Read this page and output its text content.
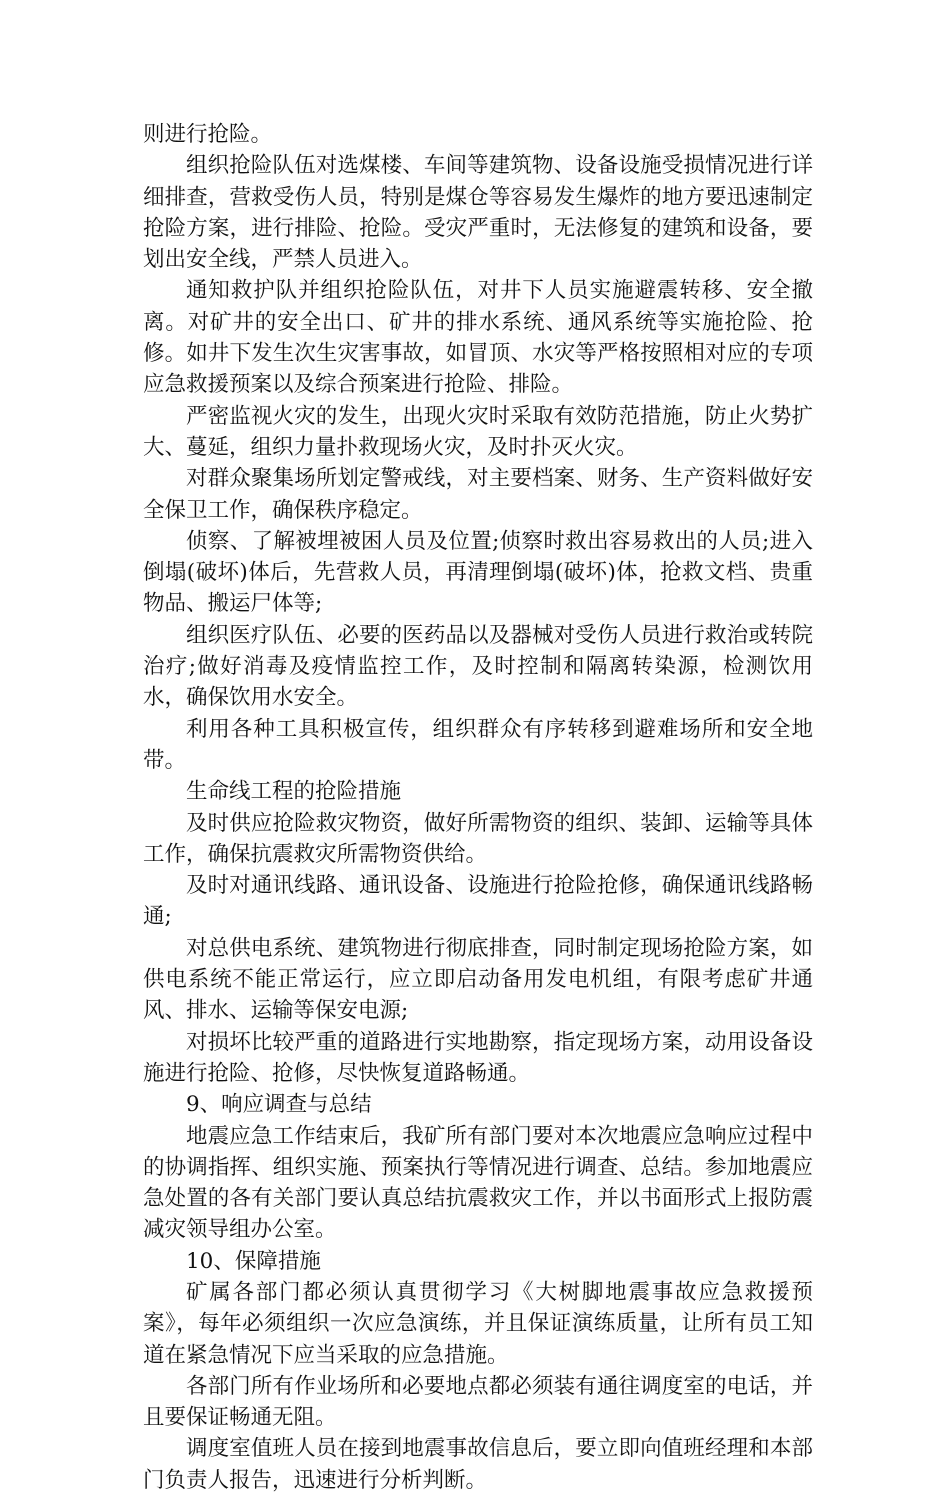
则进行抢险。

组织抢险队伍对选煤楼、车间等建筑物、设备设施受损情况进行详细排查，营救受伤人员，特别是煤仓等容易发生爆炸的地方要迅速制定抢险方案，进行排险、抢险。受灾严重时，无法修复的建筑和设备，要划出安全线，严禁人员进入。

通知救护队并组织抢险队伍，对井下人员实施避震转移、安全撤离。对矿井的安全出口、矿井的排水系统、通风系统等实施抢险、抢修。如井下发生次生灾害事故，如冒顶、水灾等严格按照相对应的专项应急救援预案以及综合预案进行抢险、排险。

严密监视火灾的发生，出现火灾时采取有效防范措施，防止火势扩大、蔓延，组织力量扑救现场火灾，及时扑灭火灾。

对群众聚集场所划定警戒线，对主要档案、财务、生产资料做好安全保卫工作，确保秩序稳定。

侦察、了解被埋被困人员及位置;侦察时救出容易救出的人员;进入倒塌(破坏)体后，先营救人员，再清理倒塌(破坏)体，抢救文档、贵重物品、搬运尸体等;

组织医疗队伍、必要的医药品以及器械对受伤人员进行救治或转院治疗;做好消毒及疫情监控工作，及时控制和隔离转染源，检测饮用水，确保饮用水安全。

利用各种工具积极宣传，组织群众有序转移到避难场所和安全地带。

生命线工程的抢险措施

及时供应抢险救灾物资，做好所需物资的组织、装卸、运输等具体工作，确保抗震救灾所需物资供给。

及时对通讯线路、通讯设备、设施进行抢险抢修，确保通讯线路畅通;

对总供电系统、建筑物进行彻底排查，同时制定现场抢险方案，如供电系统不能正常运行，应立即启动备用发电机组，有限考虑矿井通风、排水、运输等保安电源;

对损坏比较严重的道路进行实地勘察，指定现场方案，动用设备设施进行抢险、抢修，尽快恢复道路畅通。

9、响应调查与总结

地震应急工作结束后，我矿所有部门要对本次地震应急响应过程中的协调指挥、组织实施、预案执行等情况进行调查、总结。参加地震应急处置的各有关部门要认真总结抗震救灾工作，并以书面形式上报防震减灾领导组办公室。

10、保障措施

矿属各部门都必须认真贯彻学习《大树脚地震事故应急救援预案》，每年必须组织一次应急演练，并且保证演练质量，让所有员工知道在紧急情况下应当采取的应急措施。

各部门所有作业场所和必要地点都必须装有通往调度室的电话，并且要保证畅通无阻。

调度室值班人员在接到地震事故信息后，要立即向值班经理和本部门负责人报告，迅速进行分析判断。
